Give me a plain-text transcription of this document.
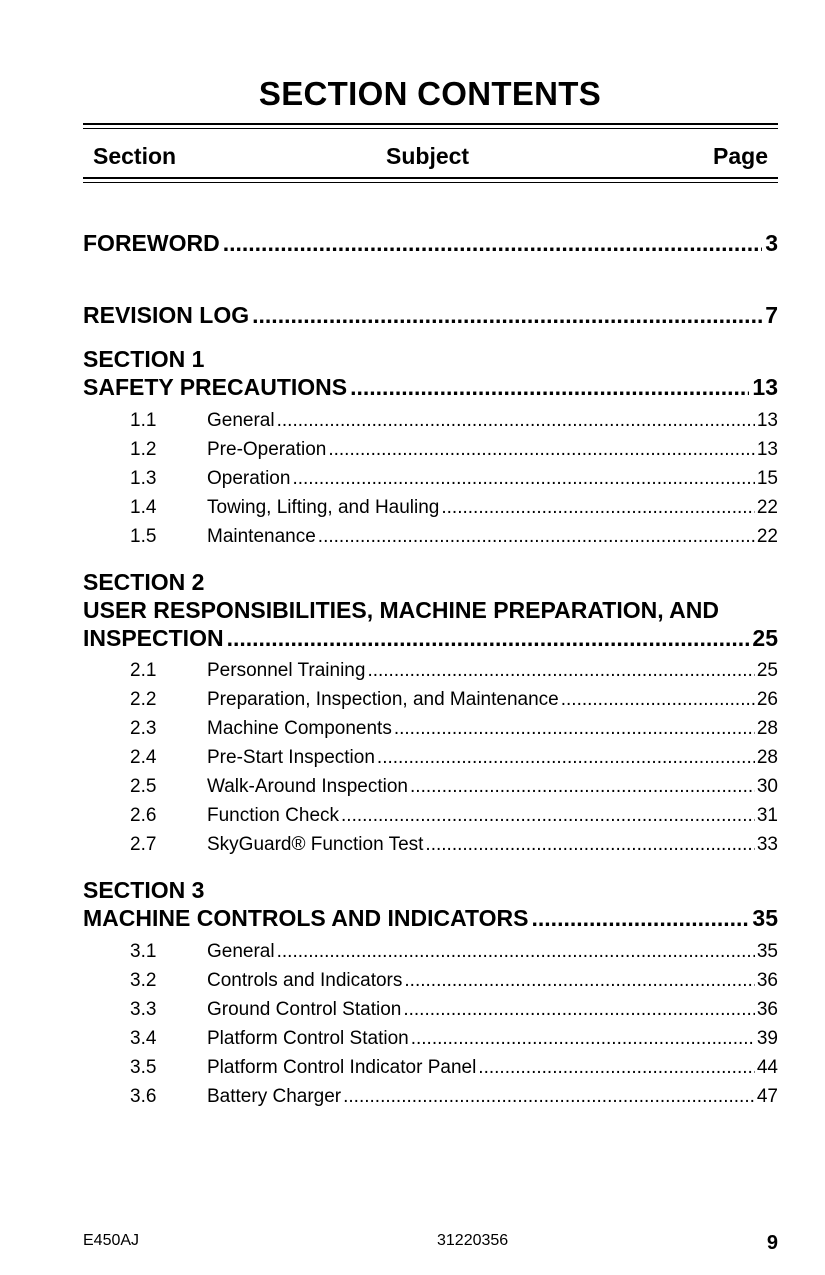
SECTION CONTENTS
Section	Subject	Page
FOREWORD .....	3
REVISION LOG .....	7
SECTION 1
SAFETY PRECAUTIONS .....	13
1.1	General .....	13
1.2	Pre-Operation .....	13
1.3	Operation .....	15
1.4	Towing, Lifting, and Hauling .....	22
1.5	Maintenance .....	22
SECTION 2
USER RESPONSIBILITIES, MACHINE PREPARATION, AND
INSPECTION .....	25
2.1	Personnel Training .....	25
2.2	Preparation, Inspection, and Maintenance .....	26
2.3	Machine Components .....	28
2.4	Pre-Start Inspection .....	28
2.5	Walk-Around Inspection .....	30
2.6	Function Check .....	31
2.7	SkyGuard® Function Test .....	33
SECTION 3
MACHINE CONTROLS AND INDICATORS .....	35
3.1	General .....	35
3.2	Controls and Indicators .....	36
3.3	Ground Control Station .....	36
3.4	Platform Control Station .....	39
3.5	Platform Control Indicator Panel .....	44
3.6	Battery Charger .....	47
E450AJ	31220356	9
